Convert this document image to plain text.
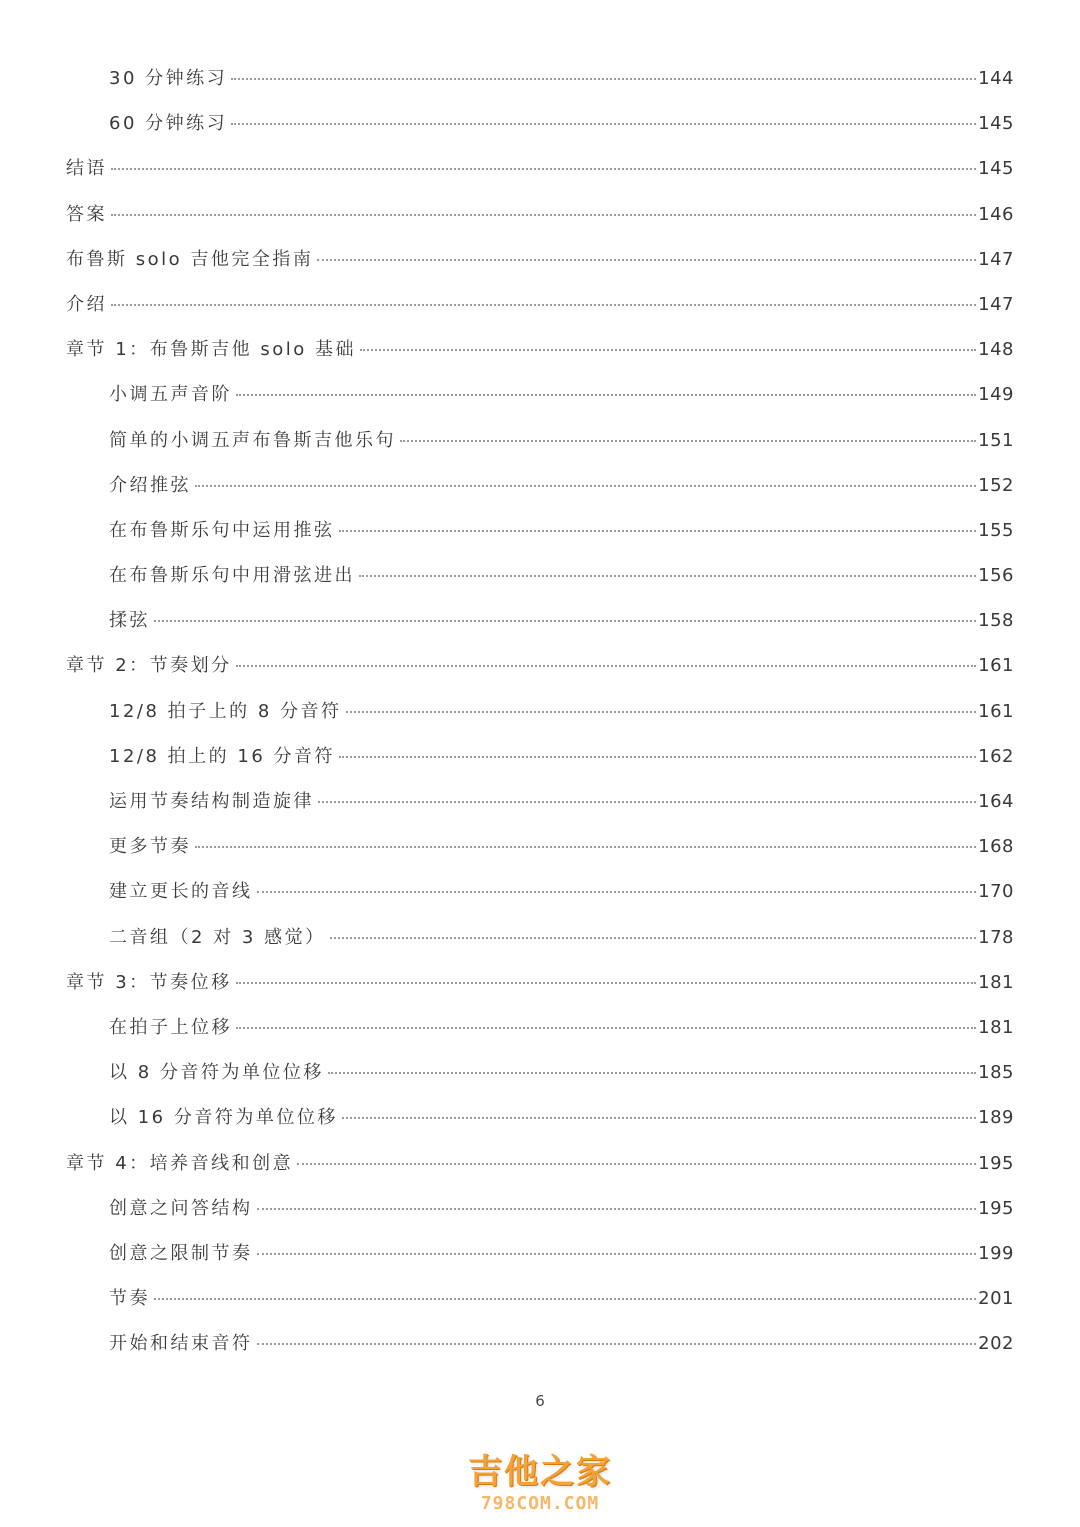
30 分钟练习	144
60 分钟练习	145
结语	145
答案	146
布鲁斯 solo 吉他完全指南	147
介绍	147
章节 1：布鲁斯吉他 solo 基础	148
小调五声音阶	149
简单的小调五声布鲁斯吉他乐句	151
介绍推弦	152
在布鲁斯乐句中运用推弦	155
在布鲁斯乐句中用滑弦进出	156
揉弦	158
章节 2：节奏划分	161
12/8 拍子上的 8 分音符	161
12/8 拍上的 16 分音符	162
运用节奏结构制造旋律	164
更多节奏	168
建立更长的音线	170
二音组（2 对 3 感觉）	178
章节 3：节奏位移	181
在拍子上位移	181
以 8 分音符为单位位移	185
以 16 分音符为单位位移	189
章节 4：培养音线和创意	195
创意之问答结构	195
创意之限制节奏	199
节奏	201
开始和结束音符	202
6
吉他之家
798COM.COM
